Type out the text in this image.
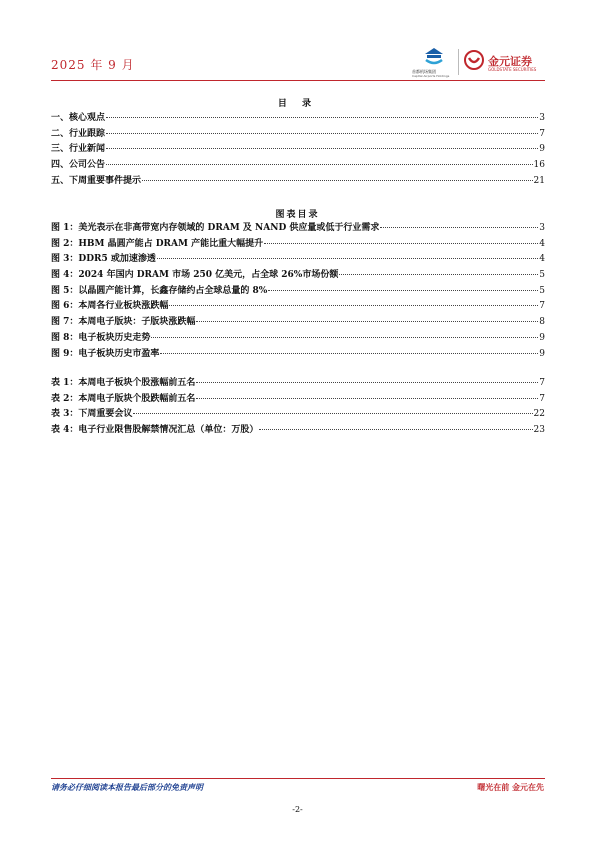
2025 年 9 月	首都机场集团
Capital Airports Holdings
金元证券
GOLDSTATE SECURITIES
目 录
一、核心观点	3
二、行业跟踪	7
三、行业新闻	9
四、公司公告	16
五、下周重要事件提示	21
图表目录
图 1：美光表示在非高带宽内存领域的 DRAM 及 NAND 供应量或低于行业需求	3
图 2：HBM 晶圆产能占 DRAM 产能比重大幅提升	4
图 3：DDR5 或加速渗透	4
图 4：2024 年国内 DRAM 市场 250 亿美元，占全球 26%市场份额	5
图 5：以晶圆产能计算，长鑫存储约占全球总量的 8%	5
图 6：本周各行业板块涨跌幅	7
图 7：本周电子版块：子版块涨跌幅	8
图 8：电子板块历史走势	9
图 9：电子板块历史市盈率	9
表 1：本周电子板块个股涨幅前五名	7
表 2：本周电子版块个股跌幅前五名	7
表 3：下周重要会议	22
表 4：电子行业限售股解禁情况汇总（单位：万股）	23
请务必仔细阅读本报告最后部分的免责声明	曙光在前 金元在先
-2-
